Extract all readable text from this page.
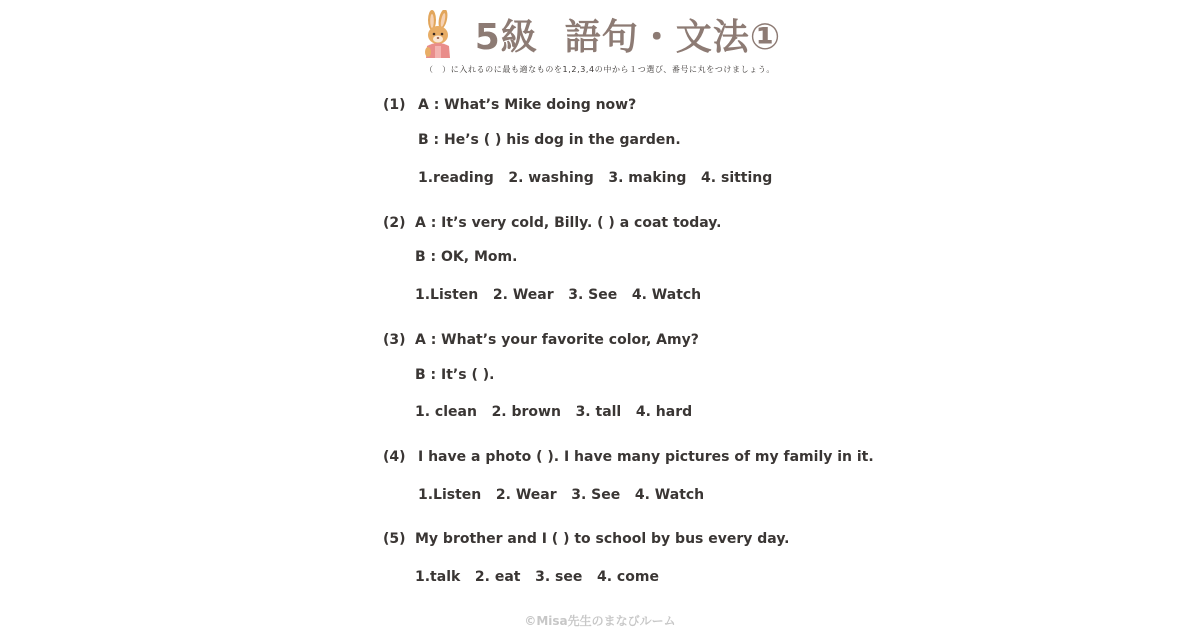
5級  語句・文法①
（　）に入れるのに最も適なものを1,2,3,4の中から１つ選び、番号に丸をつけましょう。
(1) A : What’s Mike doing now?
B : He’s ( ) his dog in the garden.
1.reading   2. washing   3. making   4. sitting
(2) A : It’s very cold, Billy. ( ) a coat today.
B : OK, Mom.
1.Listen   2. Wear   3. See   4. Watch
(3) A : What’s your favorite color, Amy?
B : It’s ( ).
1. clean   2. brown   3. tall   4. hard
(4) I have a photo ( ). I have many pictures of my family in it.
1.Listen   2. Wear   3. See   4. Watch
(5) My brother and I ( ) to school by bus every day.
1.talk   2. eat   3. see   4. come
©Misa先生のまなびルーム
